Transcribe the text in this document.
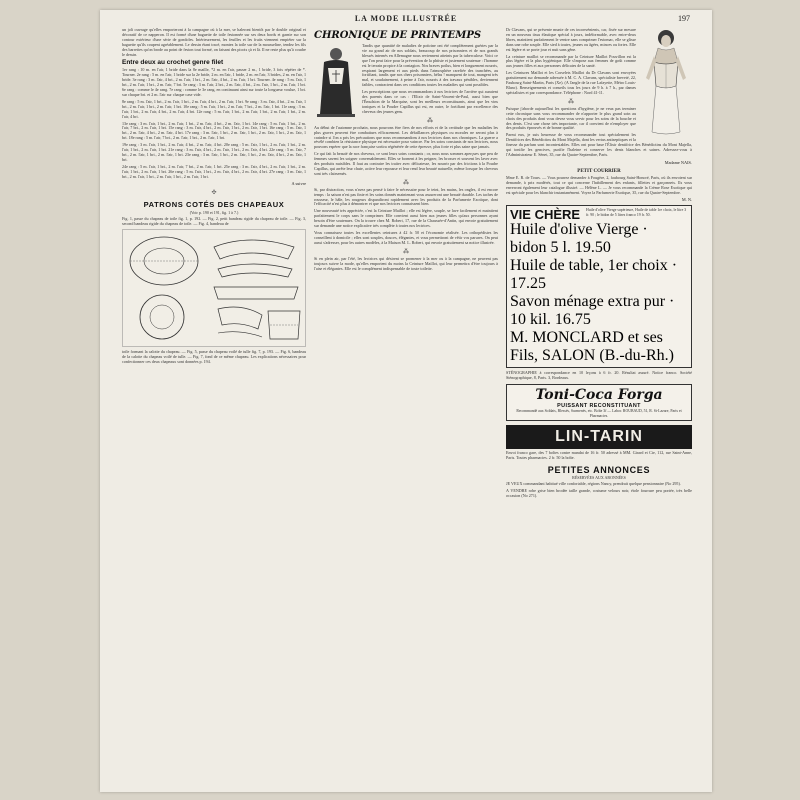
LA MODE ILLUSTRÉE	197

un joli ouvrage qu'elles emporteront à la campagne où à la mer, se haleront bientôt par le double original et décoratif de ce napperon. Il est formé d'une baguette de toile festonnée sur ses deux bords et garnie sur son contour extérieur d'une série de gondoles. Intérieurement, les feuilles et les fruits viennent empiéter sur la baguette qu'ils coupent agréablement. Le dessin étant tracé, montez la toile sur de la mousseline, tendez les fils des barrettes qu'on brode au point de feston tout formé, on faisant des picots çà et là. Il ne reste plus qu'à coudre le dessin.

Entre deux au crochet genre filet

1er rang : 10 m. en l'air, 1 bride dans la 8e maille, *2 m. en l'air, passer 2 m., 1 bride, 3 fois répéter de *. Tourner. 2e rang : 5 m. en l'air, 1 bride sur la 2e bride, 2 m. en l'air, 1 bride, 2 m. en l'air, 3 brides, 2 m. en l'air, 1 bride. 3e rang : 3 m. l'air, 4 bri., 2 m. l'air, 1 bri., 2 m. l'air, 4 bri., 2 m. l'air, 1 bri. Tourner. 4e rang : 5 m. l'air, 1 bri., 2 m. l'air, 1 bri., 2 m. l'air, 7 bri. 5e rang : 3 m. l'air, 2 bri., 2 m. l'air, 4 bri., 2 m. l'air, 1 bri., 2 m. l'air, 1 bri. 6e rang : comme le 4e rang. 7e rang : comme le 3e rang, en continuant ainsi sur toute la longueur voulue, 1 bri. sur chaque bri. et 2 m. l'air sur chaque case vide.

8e rang : 5 m. l'air, 1 bri., 2 m. l'air, 1 bri., 2 m. l'air, 4 bri., 2 m. l'air, 1 bri. 9e rang : 3 m. l'air, 4 bri., 2 m. l'air, 1 bri., 2 m. l'air, 1 bri., 2 m. l'air, 1 bri. 10e rang : 5 m. l'air, 1 bri., 2 m. l'air, 7 bri., 2 m. l'air, 1 bri. 11e rang : 3 m. l'air, 1 bri., 2 m. l'air, 4 bri., 2 m. l'air, 4 bri. 12e rang : 5 m. l'air, 1 bri., 2 m. l'air, 1 bri., 2 m. l'air, 1 bri., 2 m. l'air, 4 bri.

13e rang : 3 m. l'air, 1 bri., 2 m. l'air, 1 bri., 2 m. l'air, 4 bri., 2 m. l'air, 1 bri. 14e rang : 5 m. l'air, 1 bri., 2 m. l'air, 7 bri., 2 m. l'air, 1 bri. 15e rang : 3 m. l'air, 4 bri., 2 m. l'air, 1 bri., 2 m. l'air, 1 bri. 16e rang : 5 m. l'air, 1 bri., 2 m. l'air, 4 bri., 2 m. l'air, 4 bri. 17e rang : 3 m. l'air, 1 bri., 2 m. l'air, 1 bri., 2 m. l'air, 1 bri., 2 m. l'air, 1 bri. 18e rang : 5 m. l'air, 7 bri., 2 m. l'air, 1 bri., 2 m. l'air, 1 bri.

19e rang : 3 m. l'air, 1 bri., 2 m. l'air, 4 bri., 2 m. l'air, 4 bri. 20e rang : 5 m. l'air, 1 bri., 2 m. l'air, 1 bri., 2 m. l'air, 1 bri., 2 m. l'air, 1 bri. 21e rang : 3 m. l'air, 4 bri., 2 m. l'air, 1 bri., 2 m. l'air, 4 bri. 22e rang : 5 m. l'air, 7 bri., 2 m. l'air, 1 bri., 2 m. l'air, 1 bri. 23e rang : 3 m. l'air, 1 bri., 2 m. l'air, 1 bri., 2 m. l'air, 4 bri., 2 m. l'air, 1 bri.

24e rang : 5 m. l'air, 1 bri., 2 m. l'air, 7 bri., 2 m. l'air, 1 bri. 25e rang : 3 m. l'air, 4 bri., 2 m. l'air, 1 bri., 2 m. l'air, 1 bri., 2 m. l'air, 1 bri. 26e rang : 5 m. l'air, 1 bri., 2 m. l'air, 4 bri., 2 m. l'air, 4 bri. 27e rang : 3 m. l'air, 1 bri., 2 m. l'air, 1 bri., 2 m. l'air, 1 bri., 2 m. l'air, 1 bri.

A suivre
✣
PATRONS COTÉS DES CHAPEAUX
(Voir p. 190 et 191, fig. 1 à 7.)

Fig. 1, passe du chapeau de toile fig. 1, p. 192. — Fig. 2, petit bandeau rigide du chapeau de toile. — Fig. 3, second bandeau rigide du chapeau de toile. — Fig. 4, bandeau de

toile formant la calotte du chapeau. — Fig. 5, passe du chapeau voilé de tulle fig. 7, p. 193. — Fig. 6, bandeau de la calotte du chapeau voilé de tulle. — Fig. 7, fond de ce même chapeau. Les explications nécessaires pour confectionner ces deux chapeaux sont données p. 194.

CHRONIQUE DE PRINTEMPS

Tandis que quantité de maladies de poitrine ont été complètement guéries par la vie au grand air de nos soldats, beaucoup de nos prisonniers et de nos grands blessés internés en Allemagne nous reviennent atteints par la tuberculose. Voici ce que l'on peut faire pour la prévention de la phtisie et justement soutenue : l'homme est le terrain propice à la contagion. Nos braves poilus, bien et longuement nourris, respirant largement et aux pieds dans l'atmosphère rarefiée des tranchées, au fortifiant, tandis que nos chers prisonniers, hélas ! manquent de tout, mangent très mal, et soudainement, à peine à l'air, nourris à des travaux pénibles, deviennent faibles, contractent dans ces conditions toutes les maladies qui sont possibles.

Les prescriptions que nous recommandons à nos lectrices de l'arrière qui auraient des parents dans ce cas : l'Elixir de Saint-Vincent-de-Paul, aussi bien que l'Émulsion de la Marquise, sont les meilleurs reconstituants, ainsi que les vins toniques et la Poudre Capillus qui est, en outre, le fortifiant par excellence des cheveux des jeunes gens.

⁂

Au début de l'automne prochain, nous pourrons être fiers de nos efforts et de la certitude que les maladies les plus graves peuvent être combattues efficacement. Les défaillances physiques ou morales ne seront plus à craindre si l'on a pris les précautions que nous recommandons à nos lectrices dans nos chroniques. La guerre a révélé combien la résistance physique est nécessaire pour vaincre. Par les soins constants de nos lectrices, nous pouvons espérer que la race française sortira régénérée de cette épreuve, plus forte et plus saine que jamais.

Ce qui fait la beauté de nos cheveux, ce sont leurs soins constants ; or, nous nous sommes aperçues que peu de femmes savent les soigner convenablement. Elles se bornent à les peigner, les brosser et souvent les laver avec des produits nuisibles. Il faut au contraire les traiter avec délicatesse, les nourrir par des frictions à la Poudre Capillus, qui arrête leur chute, active leur repousse et leur rend leur beauté naturelle, même lorsque les cheveux sont très clairsemés.

⁂

Si, par distraction, vous n'avez pas pensé à faire le nécessaire pour le teint, les mains, les ongles, il est encore temps : la saison n'est pas finie et les soins donnés maintenant vous assureront une beauté durable. Les taches de rousseur, le hâle, les rougeurs disparaîtront rapidement avec les produits de la Parfumerie Exotique, dont l'efficacité n'est plus à démontrer et que nos lectrices connaissent bien.

Une nouveauté très appréciée, c'est la Ceinture Maillot ; elle est légère, souple, se lave facilement et maintient parfaitement le corps sans le comprimer. Elle convient aussi bien aux jeunes filles qu'aux personnes ayant besoin d'être soutenues. On la trouve chez M. Robert, 17, rue de la Chaussée-d'Antin, qui envoie gratuitement sur demande une notice explicative très complète à toutes nos lectrices.

Vous connaissez toutes les excellentes ceintures à 42 fr. 50 et l'économie réalisée. Les orthopédistes les conseillent à domicile ; elles sont souples, douces, élégantes, et vous permettront de vêtir vos parures. On peut aussi s'adresser, pour les autres modèles, à la Maison M. L. Robert, qui envoie gratuitement sa notice illustrée.

⁂

Si en plein air, par l'été, les lectrices qui désirent se promener à la mer ou à la campagne, ne peuvent pas toujours suivre la mode, qu'elles emportent du moins la Ceinture Maillot, qui leur permettra d'être toujours à l'aise et élégantes. Elle est le complément indispensable de toute toilette.

Dr Clavans, qui se présente munie de ces inconvénients, car, fixée sur mesure en un nouveau tissu élastique spécial à jours, indéformable, avec entre-deux libres, maintient parfaitement le ventre sans comprimer l'estomac, elle se glisse dans une robe souple. Elle sied à toutes, jeunes ou âgées, minces ou fortes. Elle est légère et se porte jour et nuit sans gêne.

La ceinture maillot se recommande par la Ceinture Maillot Pouvillon est la plus légère et la plus hygiénique. Elle s'impose aux femmes de goût comme aux jeunes filles et aux personnes délicates de la santé.

Les Ceintures Maillot et les Corselets Maillot du Dr Clavans sont envoyées gratuitement sur demande adressée à M. C. A. Clavans, spécialiste breveté, 22, Faubourg Saint-Martin, Paris (Xe). (A l'angle de la rue Lafayette, Métro Louis-Blanc). Renseignements et conseils tous les jours de 9 h. à 7 h., par dames spécialistes et par correspondance. Téléphone : Nord 41-11.

⁂

Puisque j'aborde aujourd'hui les questions d'hygiène, je ne veux pas terminer cette chronique sans vous recommander de n'apporter le plus grand soin au choix des produits dont vous devez vous servir pour les soins de la bouche et des dents. C'est une chose très importante, car il convient de n'employer que des produits éprouvés et de bonne qualité.

Parmi eux, je suis heureuse de vous recommander tout spécialement les Dentifrices des Bénédictins du Mont Majella, dont les vertus antiseptiques et la finesse du parfum sont incontestables. Elles ont pour base l'Élixir dentifrice des Bénédictins du Mont Majella, qui tonifie les gencives, purifie l'haleine et conserve les dents blanches et saines. Adressez-vous à l'Administrateur E. Sénet, 35, rue du Quatre-Septembre, Paris.

Madame NAIS.
PETIT COURRIER

Mme E. R. de Tours. — Vous pourrez demander à Fougère, 2, faubourg Saint-Honoré, Paris, où ils envoient sur demande, à prix modérés, tout ce qui concerne l'habillement des enfants, fillettes et garçonnets. Ils vous enverront également leur catalogue illustré. — Hélène L. — Je vous recommande la Crème Rose Exotique qui est spéciale pour les blanchir instantanément. Voyez la Parfumerie Exotique, 35, rue du Quatre-Septembre.

M. N.
VIE CHÈRE	Huile d'olive Vierge supérieure, Huile de table 1re choix, le litre 3 fr. 90 ; le bidon de 5 litres franco 19 fr. 50.
Huile d'olive Vierge · bidon 5 l. 19.50
Huile de table, 1er choix · 17.25
Savon ménage extra pur · 10 kil. 16.75
M. MONCLARD et ses Fils, SALON (B.-du-Rh.)

STÉNOGRAPHIE à correspondance en 10 leçons à 6 fr. 20. Résultat assuré. Notice franco. Société Sténographique, 8, Paris. 3, Bordeaux.

Toni-Coca Forga
PUISSANT RECONSTITUANT
Recommandé aux Soldats, Blessés, Surmenés, etc. Boîte 3f — Labor. ROUBAUD, 51, R. St-Lazare, Paris et Pharmacies.
LIN-TARIN

Envoi franco gare, des 7 boîtes contre mandat de 16 fr. 50 adressé à MM. Girard et Cie, 112, rue Saint-Anne, Paris. Toutes pharmacies. 2 fr. 50 la boîte.

PETITES ANNONCES
RÉSERVÉES AUX ABONNÉES

JE VEUX commandant habitué ville confortable, régions Nancy, prendrait quelque pensionnaire (No 295).

A VENDRE robe grise bien brodée taille grande, costume velours noir, étole fourrure peu portée, très belle occasion (No 271).
